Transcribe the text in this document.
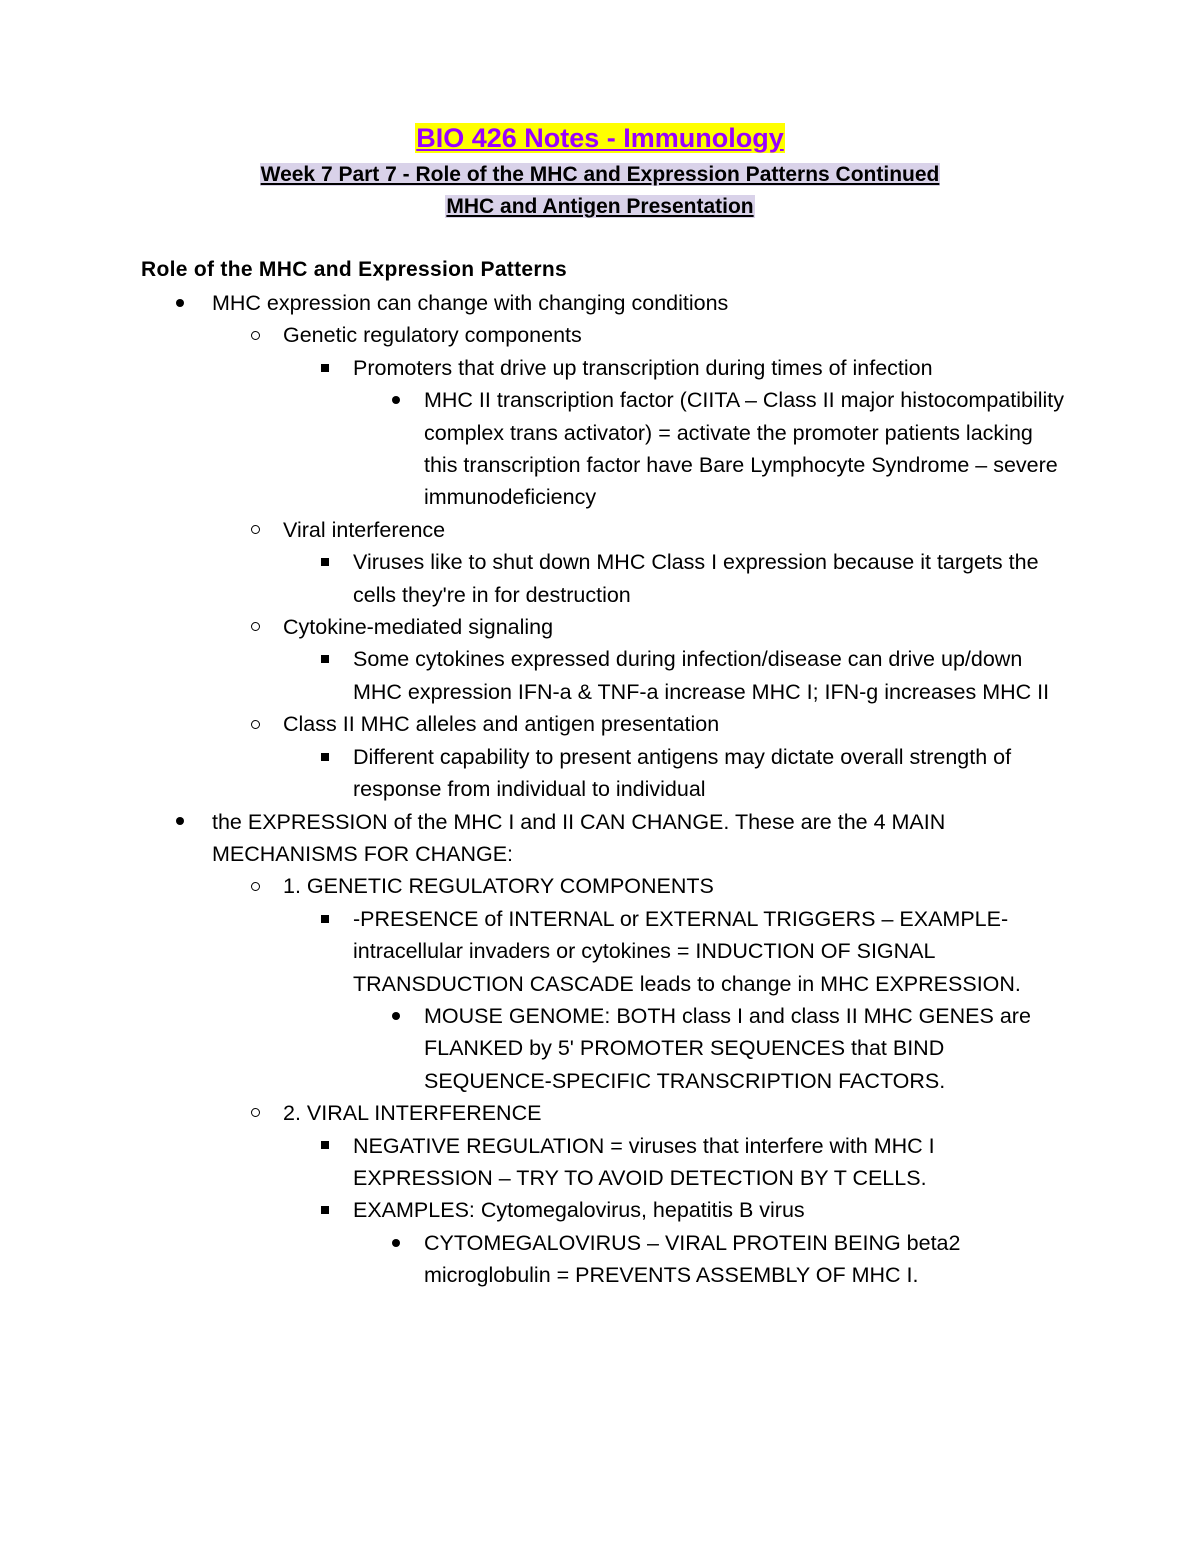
BIO 426 Notes - Immunology
Week 7 Part 7 - Role of the MHC and Expression Patterns Continued
MHC and Antigen Presentation
Role of the MHC and Expression Patterns
MHC expression can change with changing conditions
Genetic regulatory components
Promoters that drive up transcription during times of infection
MHC II transcription factor (CIITA – Class II major histocompatibility complex trans activator) = activate the promoter patients lacking this transcription factor have Bare Lymphocyte Syndrome – severe immunodeficiency
Viral interference
Viruses like to shut down MHC Class I expression because it targets the cells they're in for destruction
Cytokine-mediated signaling
Some cytokines expressed during infection/disease can drive up/down MHC expression IFN-a & TNF-a increase MHC I; IFN-g increases MHC II
Class II MHC alleles and antigen presentation
Different capability to present antigens may dictate overall strength of response from individual to individual
the EXPRESSION of the MHC I and II CAN CHANGE. These are the 4 MAIN MECHANISMS FOR CHANGE:
1. GENETIC REGULATORY COMPONENTS
-PRESENCE of INTERNAL or EXTERNAL TRIGGERS – EXAMPLE- intracellular invaders or cytokines = INDUCTION OF SIGNAL TRANSDUCTION CASCADE leads to change in MHC EXPRESSION.
MOUSE GENOME: BOTH class I and class II MHC GENES are FLANKED by 5' PROMOTER SEQUENCES that BIND SEQUENCE-SPECIFIC TRANSCRIPTION FACTORS.
2. VIRAL INTERFERENCE
NEGATIVE REGULATION = viruses that interfere with MHC I EXPRESSION – TRY TO AVOID DETECTION BY T CELLS.
EXAMPLES: Cytomegalovirus, hepatitis B virus
CYTOMEGALOVIRUS – VIRAL PROTEIN BEING beta2 microglobulin = PREVENTS ASSEMBLY OF MHC I.
